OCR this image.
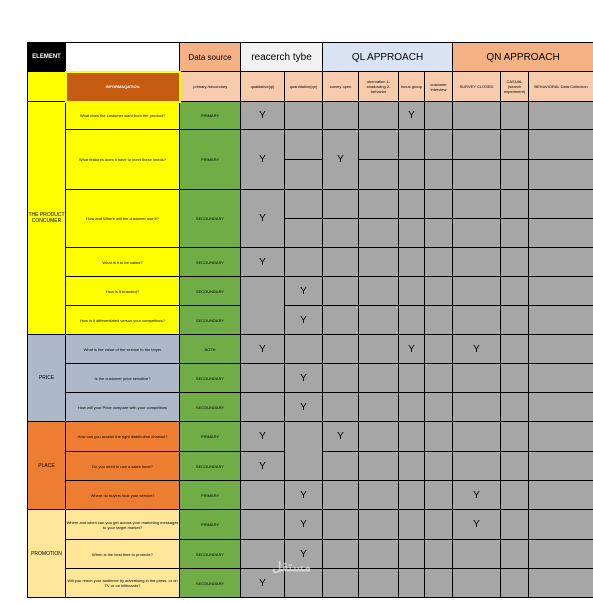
ELEMENT		Data source	reacerch tybe		QL APPROACH				QN APPROACH			
	INFORMAQATION	primary /secondary	qualitative(ql)	quantitative(qn)	survey open	obervation 1-shadowing 2- behavior	focus group	customer interview	SURVEY CLOSED	CASUAL (search experiment)	BEHAVIORAL Data Collection	
THE PRODUCT CONCUMER	What does the customer want from the product?	PRIMARY	Y				Y					
	What features does it have to meet these needs?	PRIMARY	Y		Y							

	How and Where will the customer use it?	SECOUNDARY	Y									

	What is it to be called?	SECOUNDARY	Y									
	How is it branded?	SECOUNDARY		Y								
	How is it differentiated versus your competitors?	SECOUNDARY		Y								
PRICE	What is the value of the service to the buyer	BOTH	Y				Y		Y			
	Is the customer price sensitive?	SECOUNDARY		Y								
	How will your Price compare with your competitors	SECOUNDARY		Y								
PLACE	How can you access the right distribution channel?	PRIMARY	Y		Y							
	Do you need to use a sales force?	SECOUNDARY	Y									
	Where do buyers look your service?	PRIMARY		Y					Y			
PROMOTION	Where and when can you get across your marketing messages to your target market?	PRIMARY		Y					Y			
	When is the best time to promote?	SECOUNDARY		Y								
	Will you reach your audience by advertising in the press, or on TV or on billboards?	SECOUNDARY	Y									
مستقل
